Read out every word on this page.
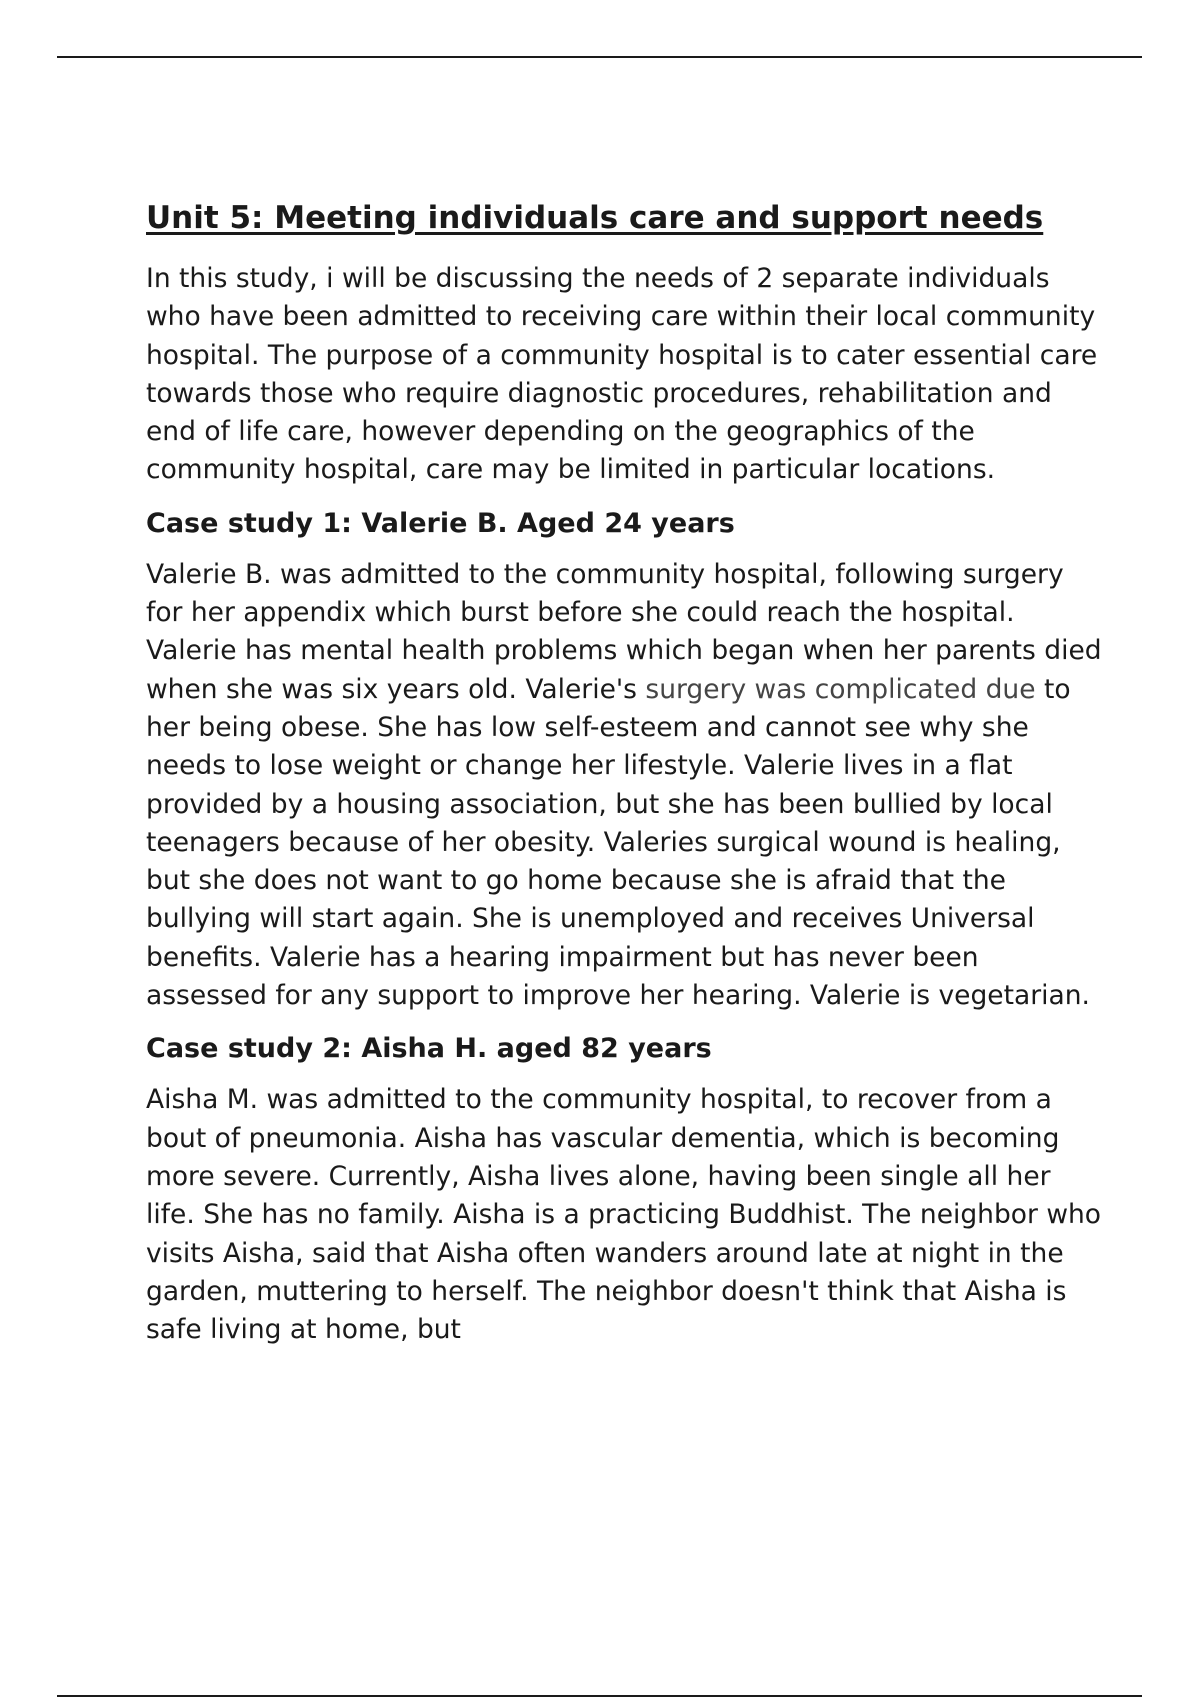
Unit 5: Meeting individuals care and support needs

In this study, i will be discussing the needs of 2 separate individuals who have been admitted to receiving care within their local community hospital. The purpose of a community hospital is to cater essential care towards those who require diagnostic procedures, rehabilitation and end of life care, however depending on the geographics of the community hospital, care may be limited in particular locations.

Case study 1: Valerie B. Aged 24 years

Valerie B. was admitted to the community hospital, following surgery for her appendix which burst before she could reach the hospital. Valerie has mental health problems which began when her parents died when she was six years old. Valerie's surgery was complicated due to her being obese. She has low self-esteem and cannot see why she needs to lose weight or change her lifestyle. Valerie lives in a flat provided by a housing association, but she has been bullied by local teenagers because of her obesity. Valeries surgical wound is healing, but she does not want to go home because she is afraid that the bullying will start again. She is unemployed and receives Universal benefits. Valerie has a hearing impairment but has never been assessed for any support to improve her hearing. Valerie is vegetarian.

Case study 2: Aisha H. aged 82 years

Aisha M. was admitted to the community hospital, to recover from a bout of pneumonia. Aisha has vascular dementia, which is becoming more severe. Currently, Aisha lives alone, having been single all her life. She has no family. Aisha is a practicing Buddhist. The neighbor who visits Aisha, said that Aisha often wanders around late at night in the garden, muttering to herself. The neighbor doesn't think that Aisha is safe living at home, but
